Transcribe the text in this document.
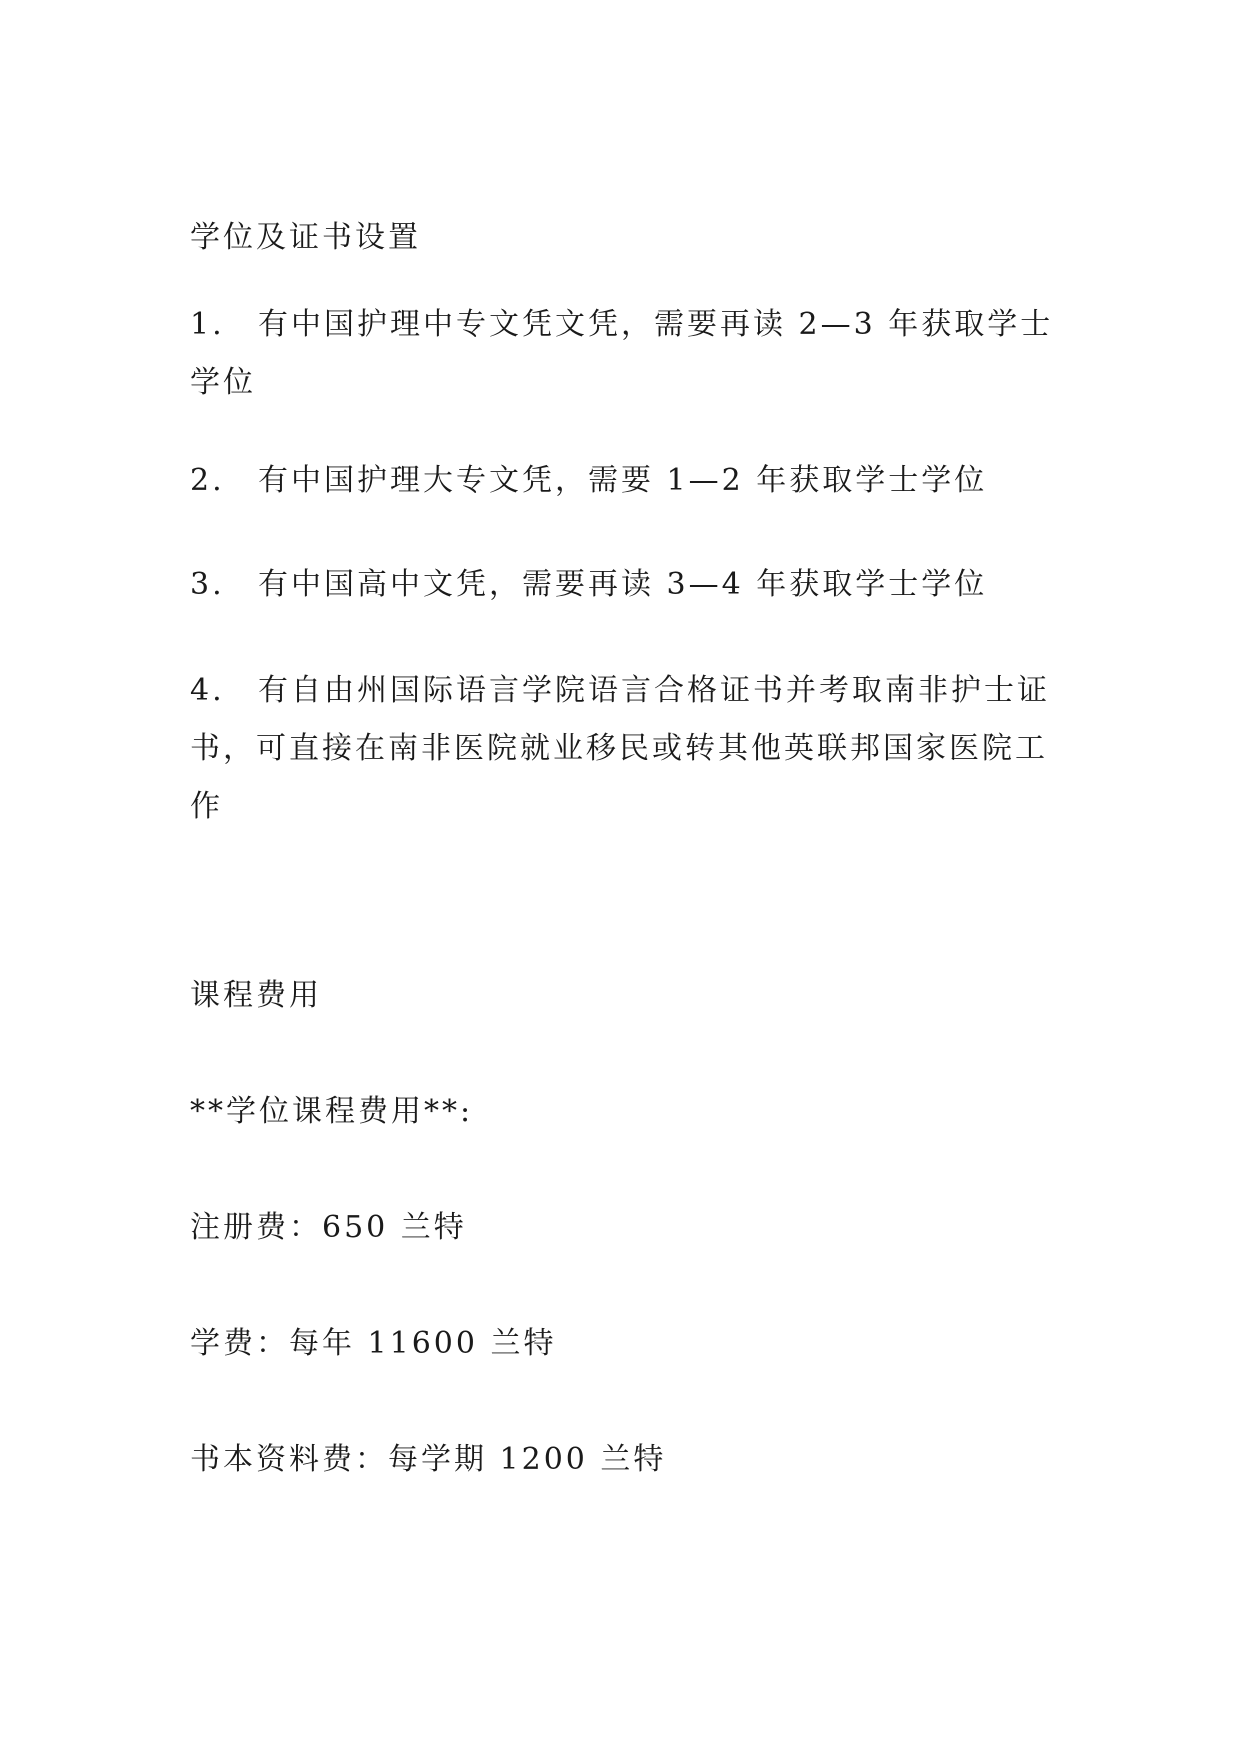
学位及证书设置
1. 有中国护理中专文凭文凭，需要再读 2—3 年获取学士
学位
2. 有中国护理大专文凭，需要 1—2 年获取学士学位
3. 有中国高中文凭，需要再读 3—4 年获取学士学位
4. 有自由州国际语言学院语言合格证书并考取南非护士证
书，可直接在南非医院就业移民或转其他英联邦国家医院工
作
课程费用
**学位课程费用**:
注册费：650 兰特
学费：每年 11600 兰特
书本资料费：每学期 1200 兰特
